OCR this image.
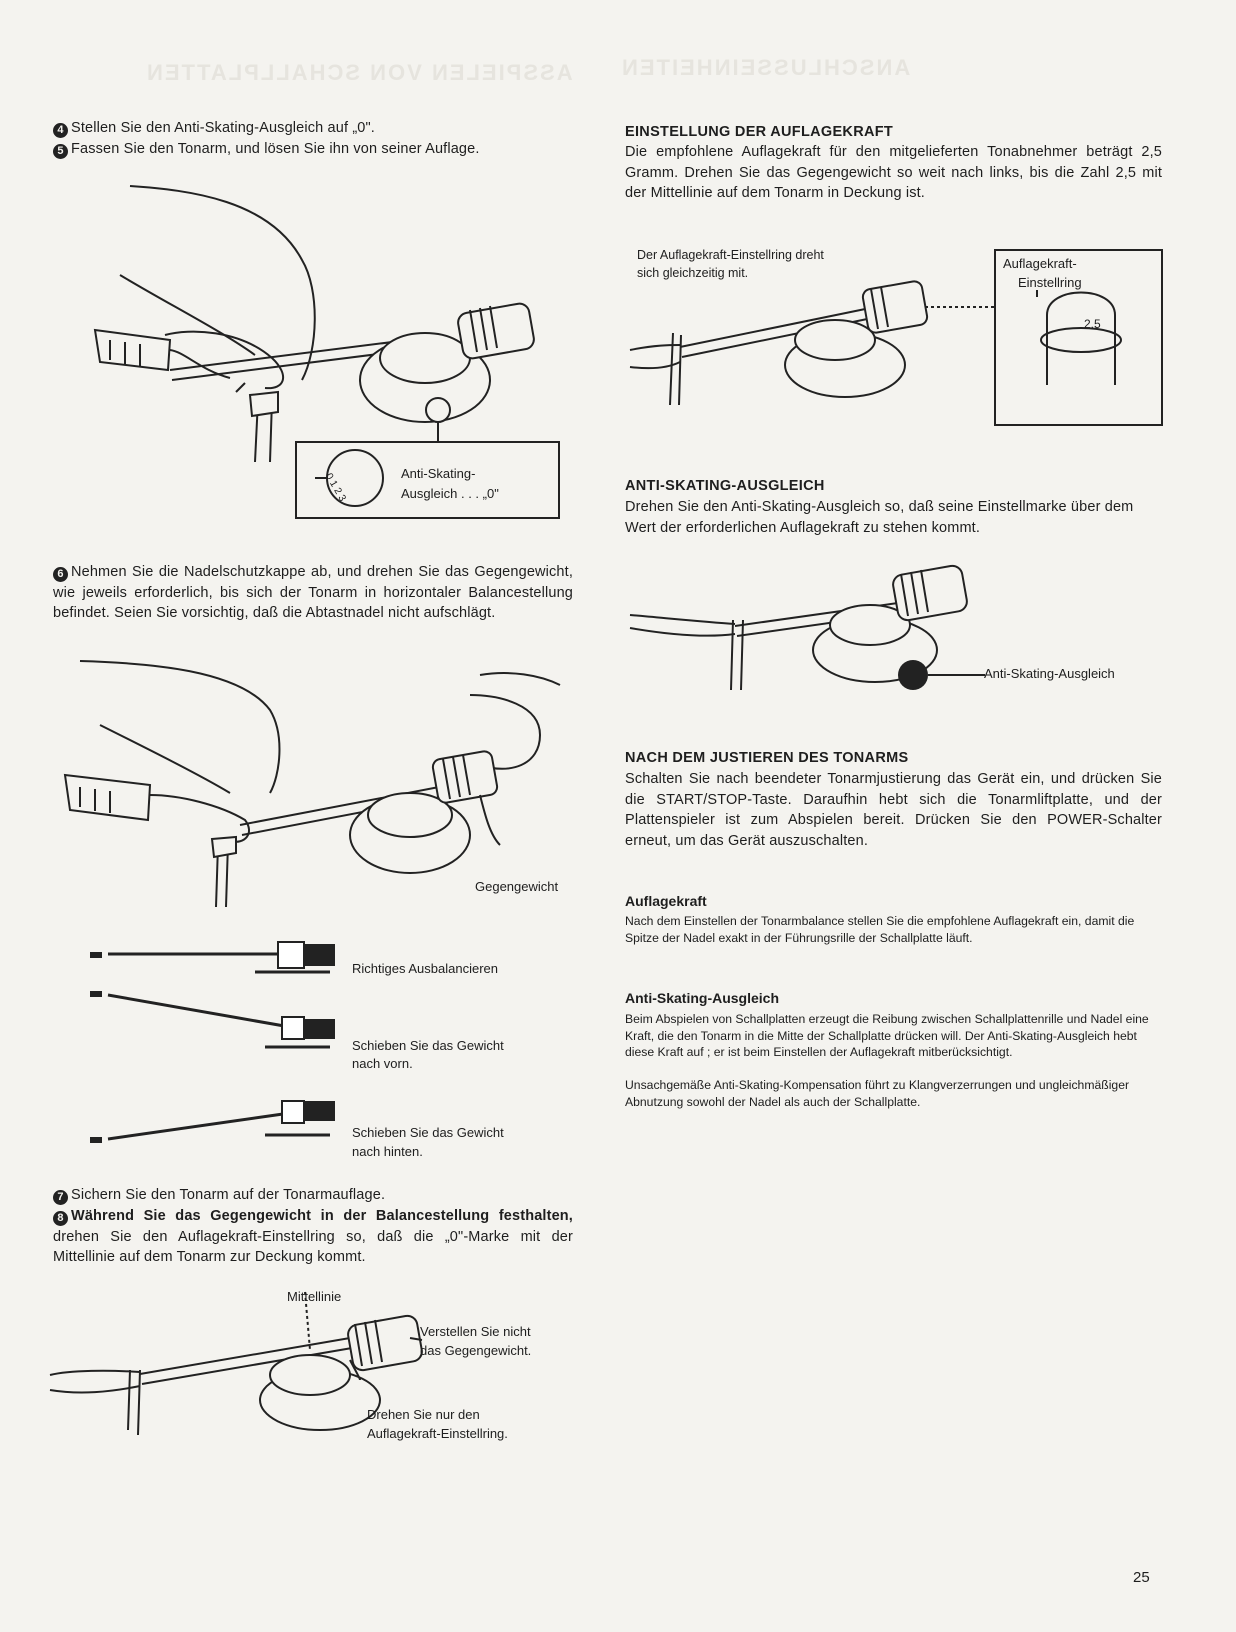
ASSPIELEN VON SCHALLPLATTEN ANSCHLUSSEINHEITEN

4 Stellen Sie den Anti-Skating-Ausgleich auf „0".

5 Fassen Sie den Tonarm, und lösen Sie ihn von seiner Auflage.

0 1 2 3	Anti-Skating-

Ausgleich . . . „0"

6 Nehmen Sie die Nadelschutzkappe ab, und drehen Sie das Gegengewicht, wie jeweils erforderlich, bis sich der Tonarm in horizontaler Balancestellung befindet. Seien Sie vorsichtig, daß die Abtastnadel nicht aufschlägt.

Gegengewicht

Richtiges Ausbalancieren

Schieben Sie das Gewicht

nach vorn.

Schieben Sie das Gewicht

nach hinten.

7 Sichern Sie den Tonarm auf der Tonarmauflage.

8 Während Sie das Gegengewicht in der Balancestellung festhalten, drehen Sie den Auflagekraft-Einstellring so, daß die „0"-Marke mit der Mittellinie auf dem Tonarm zur Deckung kommt.

Mittellinie

Verstellen Sie nicht

das Gegengewicht.

Drehen Sie nur den

Auflagekraft-Einstellring.

EINSTELLUNG DER AUFLAGEKRAFT

Die empfohlene Auflagekraft für den mitgelieferten Tonabnehmer beträgt 2,5 Gramm. Drehen Sie das Gegengewicht so weit nach links, bis die Zahl 2,5 mit der Mittellinie auf dem Tonarm in Deckung ist.

Der Auflagekraft-Einstellring dreht

sich gleichzeitig mit.

Auflagekraft-

Einstellring

2.5

ANTI-SKATING-AUSGLEICH

Drehen Sie den Anti-Skating-Ausgleich so, daß seine Einstellmarke über dem Wert der erforderlichen Auflagekraft zu stehen kommt.

Anti-Skating-Ausgleich

NACH DEM JUSTIEREN DES TONARMS

Schalten Sie nach beendeter Tonarmjustierung das Gerät ein, und drücken Sie die START/STOP-Taste. Daraufhin hebt sich die Tonarmliftplatte, und der Plattenspieler ist zum Abspielen bereit. Drücken Sie den POWER-Schalter erneut, um das Gerät auszuschalten.

Auflagekraft

Nach dem Einstellen der Tonarmbalance stellen Sie die empfohlene Auflagekraft ein, damit die Spitze der Nadel exakt in der Führungsrille der Schallplatte läuft.

Anti-Skating-Ausgleich

Beim Abspielen von Schallplatten erzeugt die Reibung zwischen Schallplattenrille und Nadel eine Kraft, die den Tonarm in die Mitte der Schallplatte drücken will. Der Anti-Skating-Ausgleich hebt diese Kraft auf ; er ist beim Einstellen der Auflagekraft mitberücksichtigt.

Unsachgemäße Anti-Skating-Kompensation führt zu Klangverzerrungen und ungleichmäßiger Abnutzung sowohl der Nadel als auch der Schallplatte.

25
